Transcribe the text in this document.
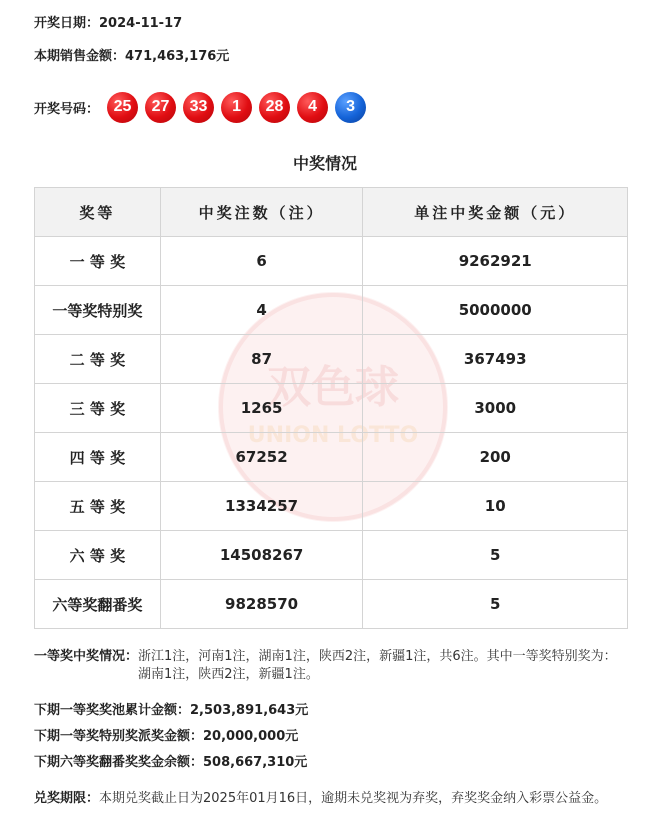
开奖日期：2024-11-17
本期销售金额：471,463,176元
开奖号码： 25	27	33	1	28	4	3
中奖情况
双色球
UNION LOTTO
奖等	中奖注数（注）	单注中奖金额（元）
一 等 奖	6	9262921
一等奖特别奖	4	5000000
二 等 奖	87	367493
三 等 奖	1265	3000
四 等 奖	67252	200
五 等 奖	1334257	10
六 等 奖	14508267	5
六等奖翻番奖	9828570	5
一等奖中奖情况： 浙江1注，河南1注，湖南1注，陕西2注，新疆1注，共6注。其中一等奖特别奖为：湖南1注，陕西2注，新疆1注。
下期一等奖奖池累计金额：2,503,891,643元
下期一等奖特别奖派奖金额：20,000,000元
下期六等奖翻番奖奖金余额：508,667,310元
兑奖期限： 本期兑奖截止日为2025年01月16日，逾期未兑奖视为弃奖，弃奖奖金纳入彩票公益金。
